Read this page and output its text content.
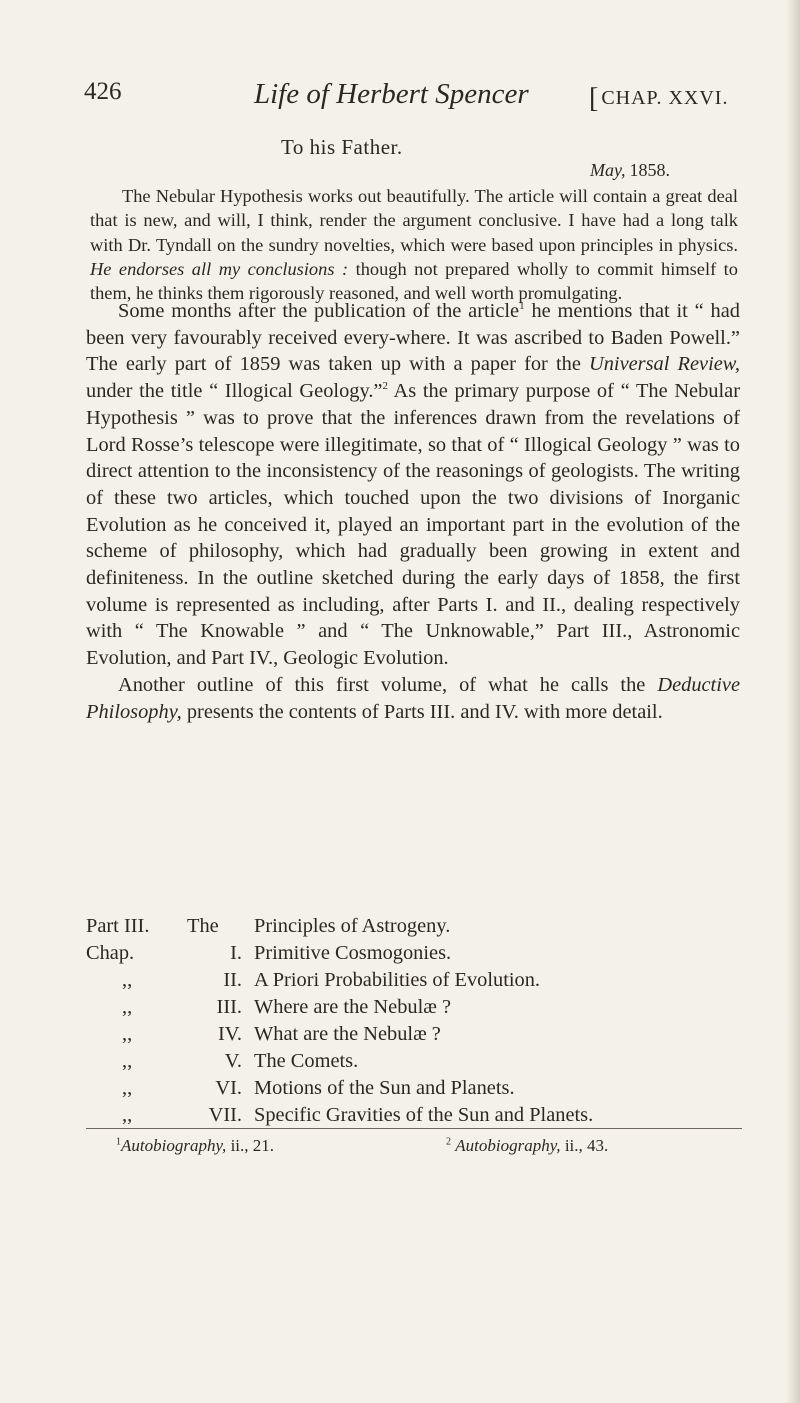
426	Life of Herbert Spencer [ CHAP. XXVI.
To his Father.
May, 1858.
The Nebular Hypothesis works out beautifully. The article will contain a great deal that is new, and will, I think, render the argument conclusive. I have had a long talk with Dr. Tyndall on the sundry novelties, which were based upon principles in physics. He endorses all my conclusions : though not prepared wholly to commit himself to them, he thinks them rigorously reasoned, and well worth promulgating.

Some months after the publication of the article$^1$ he mentions that it “ had been very favourably received every-where. It was ascribed to Baden Powell.” The early part of 1859 was taken up with a paper for the Universal Review, under the title “ Illogical Geology.”$^2$ As the primary purpose of “ The Nebular Hypothesis ” was to prove that the inferences drawn from the revelations of Lord Rosse’s telescope were illegitimate, so that of “ Illogical Geology ” was to direct attention to the inconsistency of the reasonings of geologists. The writing of these two articles, which touched upon the two divisions of Inorganic Evolution as he conceived it, played an important part in the evolution of the scheme of philosophy, which had gradually been growing in extent and definiteness. In the outline sketched during the early days of 1858, the first volume is represented as including, after Parts I. and II., dealing respectively with “ The Knowable ” and “ The Unknowable,” Part III., Astronomic Evolution, and Part IV., Geologic Evolution.

Another outline of this first volume, of what he calls the Deductive Philosophy, presents the contents of Parts III. and IV. with more detail.

Part III.	The	Principles of Astrogeny.
Chap.	I. Primitive Cosmogonies.
,,	II. A Priori Probabilities of Evolution.
,,	III. Where are the Nebulæ ?
,,	IV. What are the Nebulæ ?
,,	V. The Comets.
,,	VI. Motions of the Sun and Planets.
,,	VII. Specific Gravities of the Sun and Planets.
$^1$Autobiography, ii., 21.	$^2$ Autobiography, ii., 43.
